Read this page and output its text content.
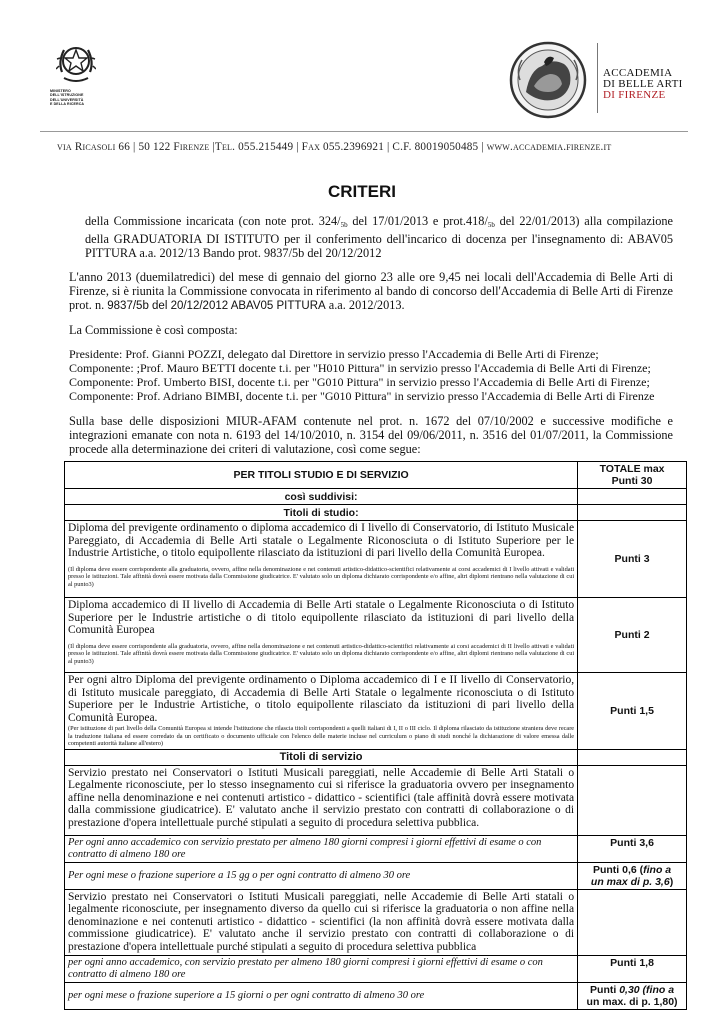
MINISTERO
DELL'ISTRUZIONE
DELL'UNIVERSITÀ
E DELLA RICERCA
ACCADEMIA
DI BELLE ARTI
DI FIRENZE
via Ricasoli 66 | 50 122 Firenze |Tel. 055.215449 | Fax 055.2396921 | C.F. 80019050485 | www.accademia.firenze.it
CRITERI
della Commissione incaricata (con note prot. $324/_{5b}$ del 17/01/2013 e $prot.418/_{5b}$ del 22/01/2013) alla compilazione della GRADUATORIA DI ISTITUTO per il conferimento dell'incarico di docenza per l'insegnamento di: ABAV05 PITTURA a.a. 2012/13 Bando prot. 9837/5b del 20/12/2012
L'anno 2013 (duemilatredici) del mese di gennaio del giorno 23 alle ore 9,45 nei locali dell'Accademia di Belle Arti di Firenze, si è riunita la Commissione convocata in riferimento al bando di concorso dell'Accademia di Belle Arti di Firenze prot. n. 9837/5b del 20/12/2012 ABAV05 PITTURA a.a. 2012/2013.
La Commissione è così composta:
Presidente: Prof. Gianni POZZI, delegato dal Direttore in servizio presso l'Accademia di Belle Arti di Firenze;
Componente: ;Prof. Mauro BETTI docente t.i. per "H010 Pittura" in servizio presso l'Accademia di Belle Arti di Firenze;
Componente: Prof. Umberto BISI, docente t.i. per "G010 Pittura" in servizio presso l'Accademia di Belle Arti di Firenze;
Componente: Prof. Adriano BIMBI, docente t.i. per "G010 Pittura" in servizio presso l'Accademia di Belle Arti di Firenze
Sulla base delle disposizioni MIUR-AFAM contenute nel prot. n. 1672 del 07/10/2002 e successive modifiche e integrazioni emanate con nota n. 6193 del 14/10/2010, n. 3154 del 09/06/2011, n. 3516 del 01/07/2011, la Commissione procede alla determinazione dei criteri di valutazione, così come segue:
PER TITOLI STUDIO E DI SERVIZIO	TOTALE max
Punti 30

così suddivisi:	
Titoli di studio:	
Diploma del previgente ordinamento o diploma accademico di I livello di Conservatorio, di Istituto Musicale Pareggiato, di Accademia di Belle Arti statale o Legalmente Riconosciuta o di Istituto Superiore per le Industrie Artistiche, o titolo equipollente rilasciato da istituzioni di pari livello della Comunità Europea.
(Il diploma deve essere corrispondente alla graduatoria, ovvero, affine nella denominazione e nei contenuti artistico-didattico-scientifici relativamente ai corsi accademici di I livello attivati e validati presso le istituzioni. Tale affinità dovrà essere motivata dalla Commissione giudicatrice. E' valutato solo un diploma dichiarato corrispondente e/o affine, altri diplomi rientrano nella valutazione di cui al punto3)	Punti 3
Diploma accademico di II livello di Accademia di Belle Arti statale o Legalmente Riconosciuta o di Istituto Superiore per le Industrie artistiche o di titolo equipollente rilasciato da istituzioni di pari livello della Comunità Europea
(Il diploma deve essere corrispondente alla graduatoria, ovvero, affine nella denominazione e nei contenuti artistico-didattico-scientifici relativamente ai corsi accademici di II livello attivati e validati presso le istituzioni. Tale affinità dovrà essere motivata dalla Commissione giudicatrice. E' valutato solo un diploma dichiarato corrispondente e/o affine, altri diplomi rientrano nella valutazione di cui al punto3)	Punti 2
Per ogni altro Diploma del previgente ordinamento o Diploma accademico di I e II livello di Conservatorio, di Istituto musicale pareggiato, di Accademia di Belle Arti Statale o legalmente riconosciuta o di Istituto Superiore per le Industrie Artistiche, o titolo equipollente rilasciato da istituzioni di pari livello della Comunità Europea.
(Per istituzione di pari livello della Comunità Europea si intende l'istituzione che rilascia titoli corrispondenti a quelli italiani di I, II o III ciclo. Il diploma rilasciato da istituzione straniera deve recare la traduzione italiana ed essere corredato da un certificato o documento ufficiale con l'elenco delle materie incluse nel curriculum o piano di studi nonché la dichiarazione di valore emessa dalle competenti autorità italiane all'estero)	Punti 1,5
Titoli di servizio	
Servizio prestato nei Conservatori o Istituti Musicali pareggiati, nelle Accademie di Belle Arti Statali o Legalmente riconosciute, per lo stesso insegnamento cui si riferisce la graduatoria ovvero per insegnamento affine nella denominazione e nei contenuti artistico - didattico - scientifici (tale affinità dovrà essere motivata dalla commissione giudicatrice). E' valutato anche il servizio prestato con contratti di collaborazione o di prestazione d'opera intellettuale purché stipulati a seguito di procedura selettiva pubblica.	
Per ogni anno accademico con servizio prestato per almeno 180 giorni compresi i giorni effettivi di esame o con contratto di almeno 180 ore	Punti 3,6
Per ogni mese o frazione superiore a 15 gg o per ogni contratto di almeno 30 ore	Punti 0,6 (fino a
un max di p. 3,6)
Servizio prestato nei Conservatori o Istituti Musicali pareggiati, nelle Accademie di Belle Arti statali o legalmente riconosciute, per insegnamento diverso da quello cui si riferisce la graduatoria o non affine nella denominazione e nei contenuti artistico - didattico - scientifici (la non affinità dovrà essere motivata dalla commissione giudicatrice). E' valutato anche il servizio prestato con contratti di collaborazione o di prestazione d'opera intellettuale purché stipulati a seguito di procedura selettiva pubblica	
per ogni anno accademico, con servizio prestato per almeno 180 giorni compresi i giorni effettivi di esame o con contratto di almeno 180 ore	Punti 1,8
per ogni mese o frazione superiore a 15 giorni o per ogni contratto di almeno 30 ore	Punti 0,30 (fino a
un max. di p. 1,80)
